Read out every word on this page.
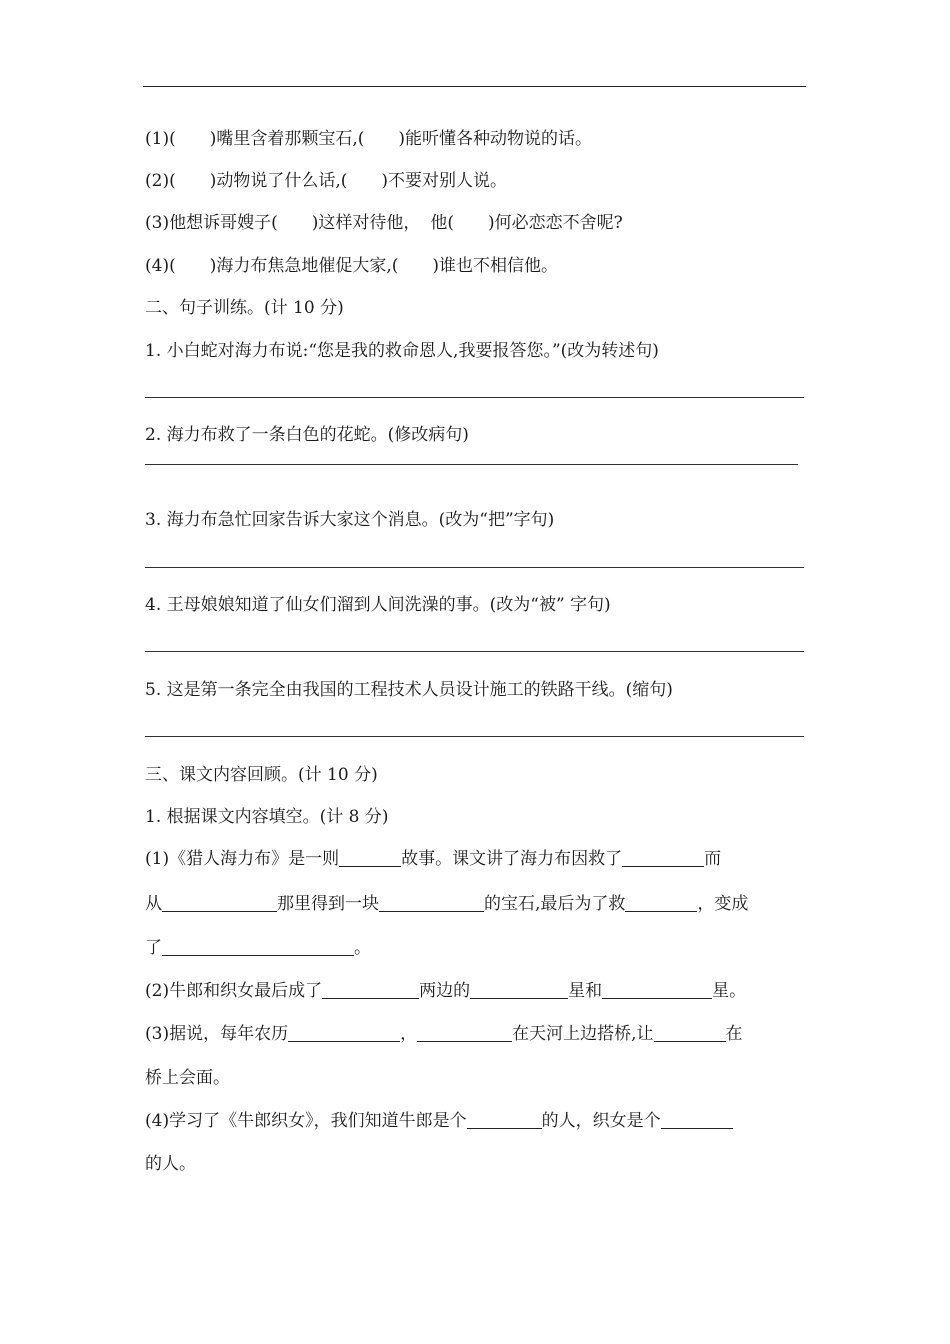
(1)( )嘴里含着那颗宝石,( )能听懂各种动物说的话。
(2)( )动物说了什么话,( )不要对别人说。
(3)他想诉哥嫂子( )这样对待他， 他( )何必恋恋不舍呢?
(4)( )海力布焦急地催促大家,( )谁也不相信他。
二、句子训练。(计 10 分)
1. 小白蛇对海力布说:“您是我的救命恩人,我要报答您。”(改为转述句)
2. 海力布救了一条白色的花蛇。(修改病句)
3. 海力布急忙回家告诉大家这个消息。(改为“把”字句)
4. 王母娘娘知道了仙女们溜到人间洗澡的事。(改为“被” 字句)
5. 这是第一条完全由我国的工程技术人员设计施工的铁路干线。(缩句)
三、课文内容回顾。(计 10 分)
1. 根据课文内容填空。(计 8 分)
(1)《猎人海力布》是一则	故事。课文讲了海力布因救了	而
从	那里得到一块	的宝石,最后为了救	，变成
了	。
(2)牛郎和织女最后成了	两边的	星和	星。
(3)据说，每年农历	，	在天河上边搭桥,让	在
桥上会面。
(4)学习了《牛郎织女》，我们知道牛郎是个	的人，织女是个
的人。
